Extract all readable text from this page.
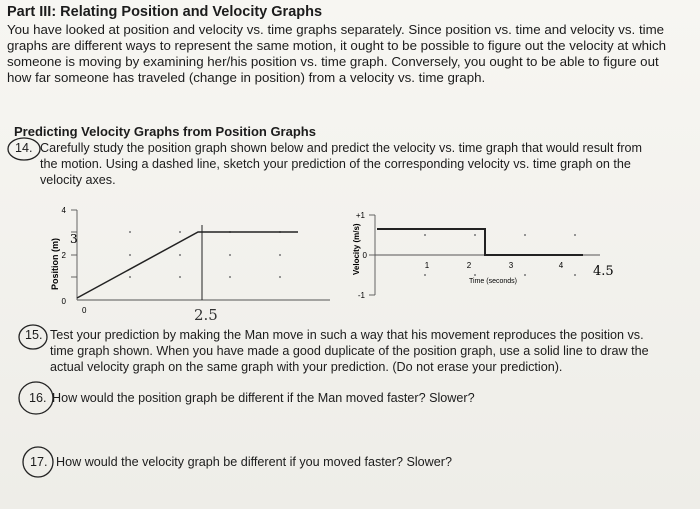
Part III: Relating Position and Velocity Graphs
You have looked at position and velocity vs. time graphs separately. Since position vs. time and velocity vs. time
graphs are different ways to represent the same motion, it ought to be possible to figure out the velocity at which
someone is moving by examining her/his position vs. time graph. Conversely, you ought to be able to figure out
how far someone has traveled (change in position) from a velocity vs. time graph.
Predicting Velocity Graphs from Position Graphs
14. Carefully study the position graph shown below and predict the velocity vs. time graph that would result from
the motion. Using a dashed line, sketch your prediction of the corresponding velocity vs. time graph on the
velocity axes.
4
2
0
0
3
Position (m)
2.5
+1
0
-1
1	2	3	4
Time (seconds)
Velocity (m/s)	4.5
15. Test your prediction by making the Man move in such a way that his movement reproduces the position vs.
time graph shown. When you have made a good duplicate of the position graph, use a solid line to draw the
actual velocity graph on the same graph with your prediction. (Do not erase your prediction).
16. How would the position graph be different if the Man moved faster? Slower?
17. How would the velocity graph be different if you moved faster? Slower?
